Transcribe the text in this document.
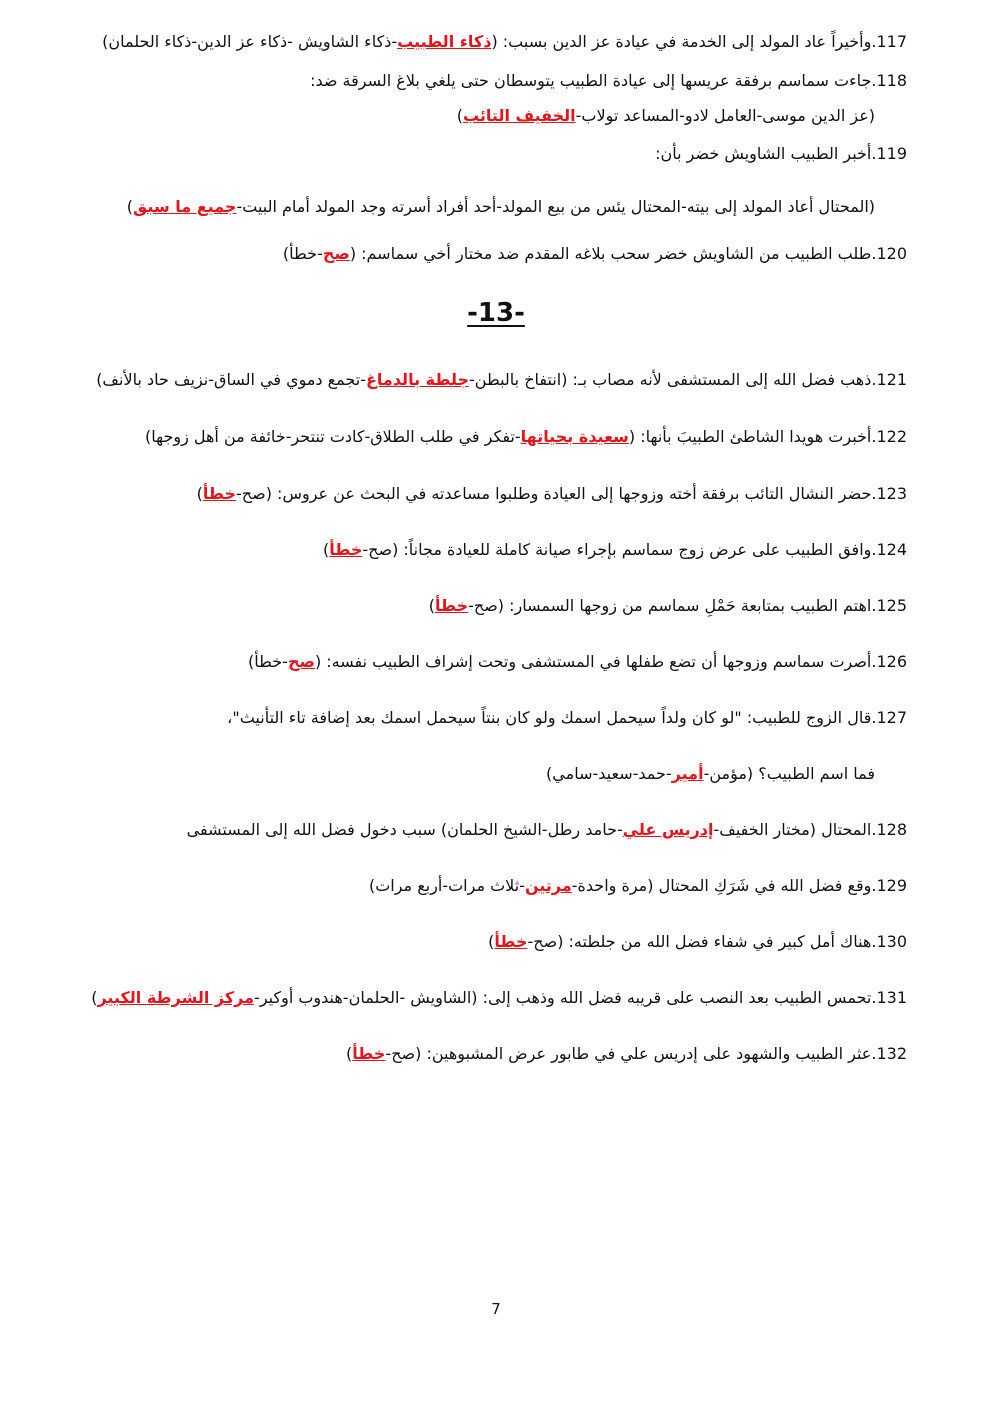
117.وأخيراً عاد المولد إلى الخدمة في عيادة عز الدين بسبب: (ذكاء الطبيب-ذكاء الشاويش -ذكاء عز الدين-ذكاء الحلمان)
118.جاءت سماسم برفقة عريسها إلى عيادة الطبيب يتوسطان حتى يلغي بلاغ السرقة ضد:
(عز الدين موسى-العامل لادو-المساعد تولاب-الخفيف التائب)
119.أخبر الطبيب الشاويش خضر بأن:
(المحتال أعاد المولد إلى بيته-المحتال يئس من بيع المولد-أحد أفراد أسرته وجد المولد أمام البيت-جميع ما سبق)
120.طلب الطبيب من الشاويش خضر سحب بلاغه المقدم ضد مختار أخي سماسم: (صح-خطأ)
121.ذهب فضل الله إلى المستشفى لأنه مصاب بـ: (انتفاخ بالبطن-جلطة بالدماغ-تجمع دموي في الساق-نزيف حاد بالأنف)
122.أخبرت هويدا الشاطئ الطبيبَ بأنها: (سعيدة بحياتها-تفكر في طلب الطلاق-كادت تنتحر-خائفة من أهل زوجها)
123.حضر النشال التائب برفقة أخته وزوجها إلى العيادة وطلبوا مساعدته في البحث عن عروس: (صح-خطأ)
124.وافق الطبيب على عرض زوج سماسم بإجراء صيانة كاملة للعيادة مجاناً: (صح-خطأ)
125.اهتم الطبيب بمتابعة حَمْلِ سماسم من زوجها السمسار: (صح-خطأ)
126.أصرت سماسم وزوجها أن تضع طفلها في المستشفى وتحت إشراف الطبيب نفسه: (صح-خطأ)
127.قال الزوج للطبيب: "لو كان ولداً سيحمل اسمك ولو كان بنتاً سيحمل اسمك بعد إضافة تاء التأنيث"،
فما اسم الطبيب؟ (مؤمن-أمير-حمد-سعيد-سامي)
128.المحتال (مختار الخفيف-إدريس علي-حامد رطل-الشيخ الحلمان) سبب دخول فضل الله إلى المستشفى
129.وقع فضل الله في شَرَكِ المحتال (مرة واحدة-مرتين-ثلاث مرات-أربع مرات)
130.هناك أمل كبير في شفاء فضل الله من جلطته: (صح-خطأ)
131.تحمس الطبيب بعد النصب على قريبه فضل الله وذهب إلى: (الشاويش -الحلمان-هندوب أوكير-مركز الشرطة الكبير)
132.عثر الطبيب والشهود على إدريس علي في طابور عرض المشبوهين: (صح-خطأ)
-13-
7
